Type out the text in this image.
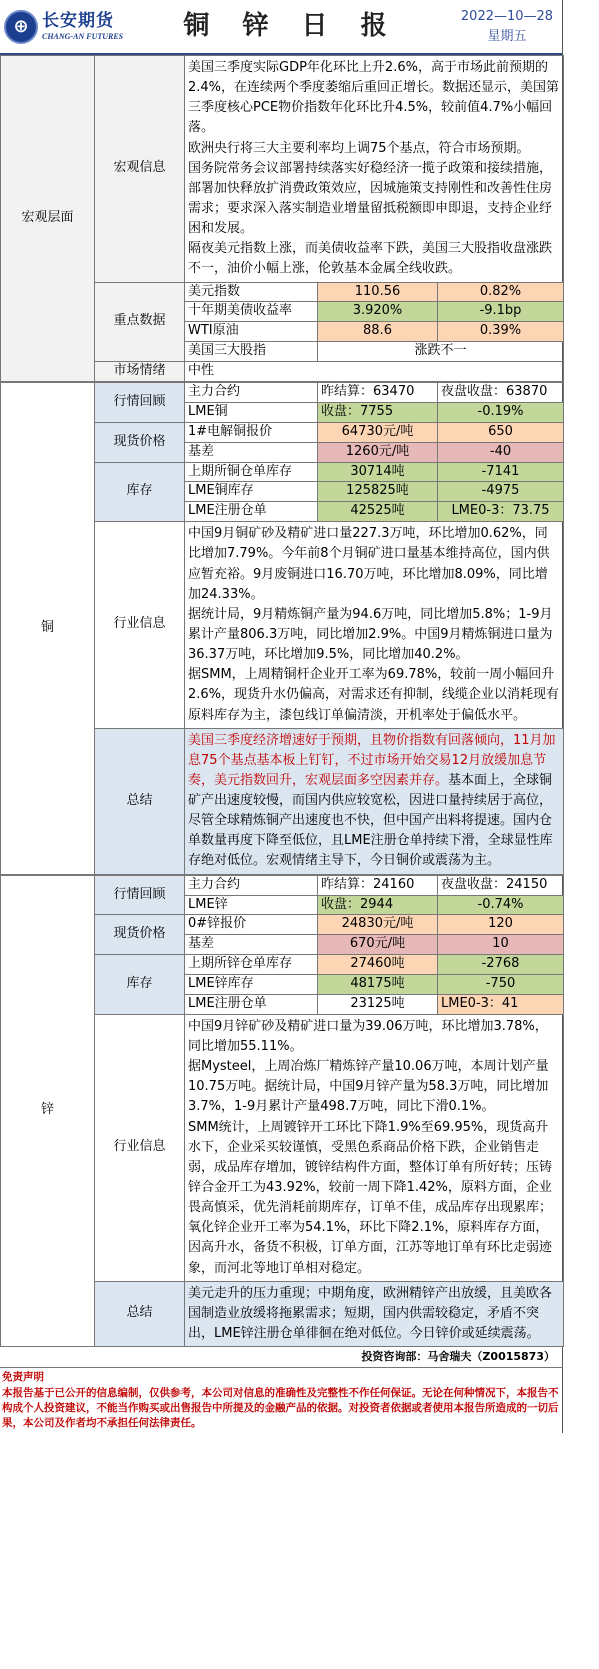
⊕ 长安期货
CHANG-AN FUTURES	铜 锌 日 报	2022—10—28
星期五
宏观层面	宏观信息	美国三季度实际GDP年化环比上升2.6%，高于市场此前预期的2.4%，在连续两个季度萎缩后重回正增长。数据还显示，美国第三季度核心PCE物价指数年化环比升4.5%，较前值4.7%小幅回落。
欧洲央行将三大主要利率均上调75个基点，符合市场预期。
国务院常务会议部署持续落实好稳经济一揽子政策和接续措施，部署加快释放扩消费政策效应，因城施策支持刚性和改善性住房需求；要求深入落实制造业增量留抵税额即申即退，支持企业纾困和发展。
隔夜美元指数上涨，而美债收益率下跌，美国三大股指收盘涨跌不一，油价小幅上涨，伦敦基本金属全线收跌。		

	重点数据	美元指数	110.56	0.82%
		十年期美债收益率	3.920%	-9.1bp
		WTI原油	88.6	0.39%
		美国三大股指	涨跌不一	
	市场情绪	中性		
铜	行情回顾	主力合约	昨结算：63470	夜盘收盘：63870
		LME铜	收盘：7755	-0.19%
	现货价格	1#电解铜报价	64730元/吨	650
		基差	1260元/吨	-40
	库存	上期所铜仓单库存	30714吨	-7141
		LME铜库存	125825吨	-4975
		LME注册仓单	42525吨	LME0-3：73.75
	行业信息	中国9月铜矿砂及精矿进口量227.3万吨，环比增加0.62%，同比增加7.79%。今年前8个月铜矿进口量基本维持高位，国内供应暂充裕。9月废铜进口16.70万吨，环比增加8.09%，同比增加24.33%。
据统计局，9月精炼铜产量为94.6万吨，同比增加5.8%；1-9月累计产量806.3万吨，同比增加2.9%。中国9月精炼铜进口量为36.37万吨，环比增加9.5%，同比增加40.2%。
据SMM，上周精铜杆企业开工率为69.78%，较前一周小幅回升2.6%，现货升水仍偏高，对需求还有抑制，线缆企业以消耗现有原料库存为主，漆包线订单偏清淡，开机率处于偏低水平。		

	总结	美国三季度经济增速好于预期，且物价指数有回落倾向，11月加息75个基点基本板上钉钉，不过市场开始交易12月放缓加息节奏，美元指数回升，宏观层面多空因素并存。基本面上，全球铜矿产出速度较慢，而国内供应较宽松，因进口量持续居于高位，尽管全球精炼铜产出速度也不快，但中国产出料将提速。国内仓单数量再度下降至低位，且LME注册仓单持续下滑，全球显性库存绝对低位。宏观情绪主导下，今日铜价或震荡为主。		
锌	行情回顾	主力合约	昨结算：24160	夜盘收盘：24150
		LME锌	收盘：2944	-0.74%
	现货价格	0#锌报价	24830元/吨	120
		基差	670元/吨	10
	库存	上期所锌仓单库存	27460吨	-2768
		LME锌库存	48175吨	-750
		LME注册仓单	23125吨	LME0-3：41
	行业信息	中国9月锌矿砂及精矿进口量为39.06万吨，环比增加3.78%，同比增加55.11%。
据Mysteel，上周冶炼厂精炼锌产量10.06万吨，本周计划产量10.75万吨。据统计局，中国9月锌产量为58.3万吨，同比增加3.7%，1-9月累计产量498.7万吨，同比下滑0.1%。
SMM统计，上周镀锌开工环比下降1.9%至69.95%，现货高升水下，企业采买较谨慎，受黑色系商品价格下跌，企业销售走弱，成品库存增加，镀锌结构件方面，整体订单有所好转；压铸锌合金开工为43.92%，较前一周下降1.42%，原料方面，企业畏高慎采，优先消耗前期库存，订单不佳，成品库存出现累库；氧化锌企业开工率为54.1%，环比下降2.1%，原料库存方面，因高升水，备货不积极，订单方面，江苏等地订单有环比走弱迹象，而河北等地订单相对稳定。		

	总结	美元走升的压力重现；中期角度，欧洲精锌产出放缓，且美欧各国制造业放缓将拖累需求；短期，国内供需较稳定，矛盾不突出，LME锌注册仓单徘徊在绝对低位。今日锌价或延续震荡。		
投资咨询部：马舍瑞夫（Z0015873）
免责声明
本报告基于已公开的信息编制，仅供参考，本公司对信息的准确性及完整性不作任何保证。无论在何种情况下，本报告不构成个人投资建议，不能当作购买或出售报告中所提及的金融产品的依据。对投资者依据或者使用本报告所造成的一切后果，本公司及作者均不承担任何法律责任。
